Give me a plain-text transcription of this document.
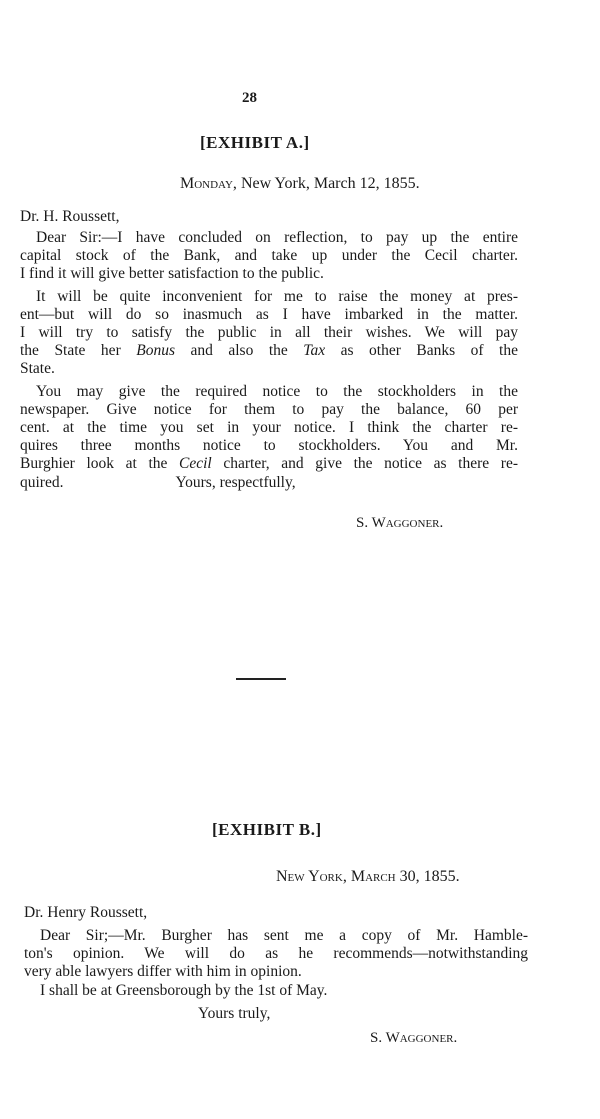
28
[EXHIBIT A.]
Monday, New York, March 12, 1855.
Dr. H. Roussett,

Dear Sir:—I have concluded on reflection, to pay up the entire
capital stock of the Bank, and take up under the Cecil charter.
I find it will give better satisfaction to the public.

It will be quite inconvenient for me to raise the money at pres-
ent—but will do so inasmuch as I have imbarked in the matter.
I will try to satisfy the public in all their wishes. We will pay
the State her Bonus and also the Tax as other Banks of the
State.

You may give the required notice to the stockholders in the
newspaper. Give notice for them to pay the balance, 60 per
cent. at the time you set in your notice. I think the charter re-
quires three months notice to stockholders. You and Mr.
Burghier look at the Cecil charter, and give the notice as there re-
quired.	Yours, respectfully,

S. Waggoner.
[EXHIBIT B.]
New York, March 30, 1855.
Dr. Henry Roussett,

Dear Sir;—Mr. Burgher has sent me a copy of Mr. Hamble-
ton's opinion. We will do as he recommends—notwithstanding
very able lawyers differ with him in opinion.
I shall be at Greensborough by the 1st of May.

Yours truly,
S. Waggoner.
